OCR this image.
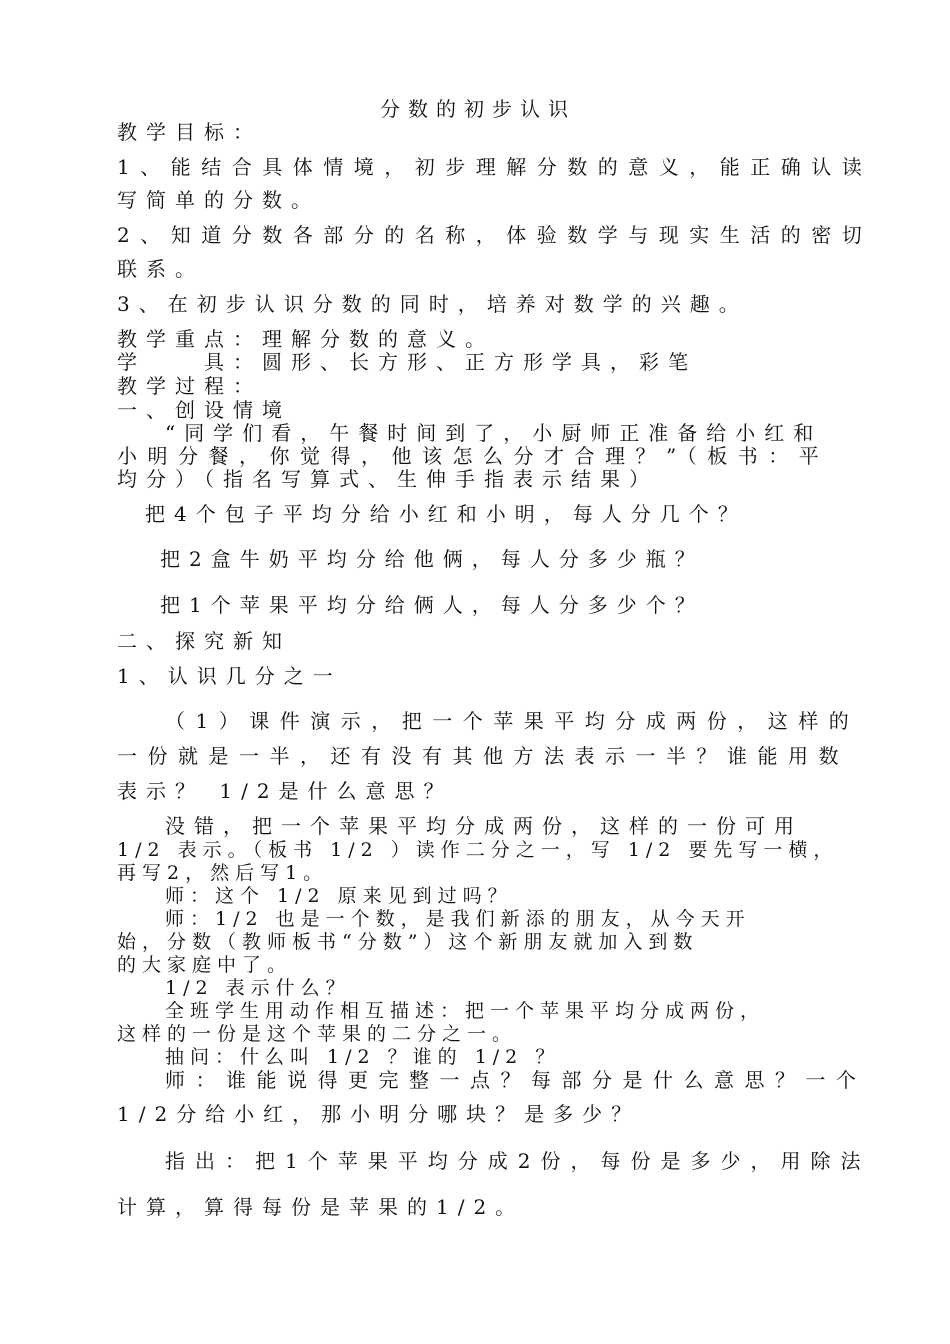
分数的初步认识
教学目标：
1、能结合具体情境，初步理解分数的意义，能正确认读
写简单的分数。
2、知道分数各部分的名称，体验数学与现实生活的密切
联系。
3、在初步认识分数的同时，培养对数学的兴趣。
教学重点：理解分数的意义。
学　　具：圆形、长方形、正方形学具，彩笔
教学过程：
一、创设情境
“同学们看，午餐时间到了，小厨师正准备给小红和
小明分餐，你觉得，他该怎么分才合理？”（板书：平
均分）（指名写算式、生伸手指表示结果）
把4个包子平均分给小红和小明，每人分几个？
把2盒牛奶平均分给他俩，每人分多少瓶？
把1个苹果平均分给俩人，每人分多少个？
二、探究新知
1、认识几分之一
（1）课件演示，把一个苹果平均分成两份，这样的
一份就是一半，还有没有其他方法表示一半？谁能用数
表示？ 1/2是什么意思？
没错，把一个苹果平均分成两份，这样的一份可用
1/2 表示。（板书 1/2 ）读作二分之一，写 1/2 要先写一横，
再写2，然后写1。
师：这个 1/2 原来见到过吗？
师：1/2 也是一个数，是我们新添的朋友，从今天开
始，分数（教师板书“分数”）这个新朋友就加入到数
的大家庭中了。
1/2 表示什么？
全班学生用动作相互描述：把一个苹果平均分成两份，
这样的一份是这个苹果的二分之一。
抽问：什么叫 1/2 ？谁的 1/2 ？
师：谁能说得更完整一点？每部分是什么意思？一个
1/2分给小红，那小明分哪块？是多少？
指出：把1个苹果平均分成2份，每份是多少，用除法
计算，算得每份是苹果的1/2。
